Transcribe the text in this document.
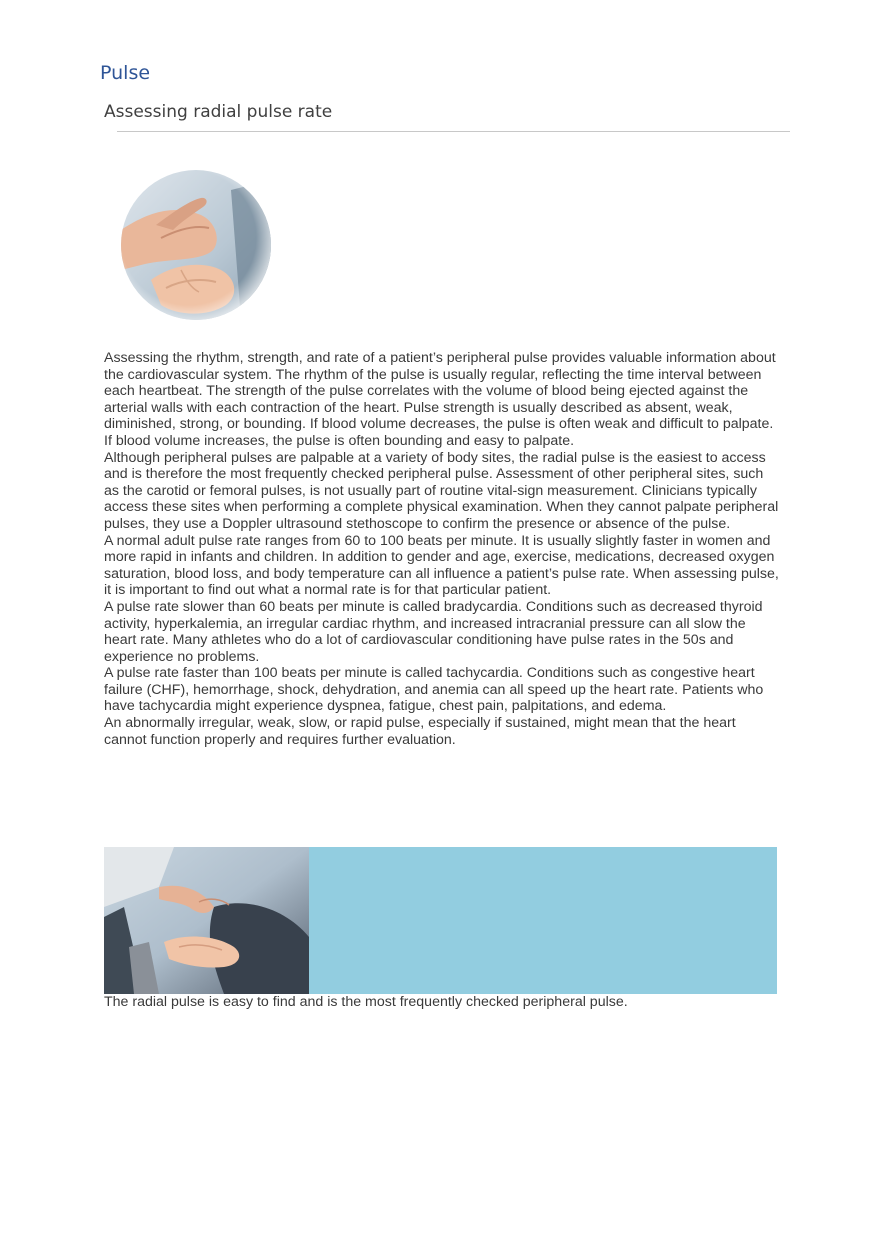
Pulse
Assessing radial pulse rate

Assessing the rhythm, strength, and rate of a patient’s peripheral pulse provides valuable information about the cardiovascular system. The rhythm of the pulse is usually regular, reflecting the time interval between each heartbeat. The strength of the pulse correlates with the volume of blood being ejected against the arterial walls with each contraction of the heart. Pulse strength is usually described as absent, weak, diminished, strong, or bounding. If blood volume decreases, the pulse is often weak and difficult to palpate. If blood volume increases, the pulse is often bounding and easy to palpate.

Although peripheral pulses are palpable at a variety of body sites, the radial pulse is the easiest to access and is therefore the most frequently checked peripheral pulse. Assessment of other peripheral sites, such as the carotid or femoral pulses, is not usually part of routine vital-sign measurement. Clinicians typically access these sites when performing a complete physical examination. When they cannot palpate peripheral pulses, they use a Doppler ultrasound stethoscope to confirm the presence or absence of the pulse.

A normal adult pulse rate ranges from 60 to 100 beats per minute. It is usually slightly faster in women and more rapid in infants and children. In addition to gender and age, exercise, medications, decreased oxygen saturation, blood loss, and body temperature can all influence a patient’s pulse rate. When assessing pulse, it is important to find out what a normal rate is for that particular patient.

A pulse rate slower than 60 beats per minute is called bradycardia. Conditions such as decreased thyroid activity, hyperkalemia, an irregular cardiac rhythm, and increased intracranial pressure can all slow the heart rate. Many athletes who do a lot of cardiovascular conditioning have pulse rates in the 50s and experience no problems.

A pulse rate faster than 100 beats per minute is called tachycardia. Conditions such as congestive heart failure (CHF), hemorrhage, shock, dehydration, and anemia can all speed up the heart rate. Patients who have tachycardia might experience dyspnea, fatigue, chest pain, palpitations, and edema.

An abnormally irregular, weak, slow, or rapid pulse, especially if sustained, might mean that the heart cannot function properly and requires further evaluation.

The radial pulse is easy to find and is the most frequently checked peripheral pulse.
